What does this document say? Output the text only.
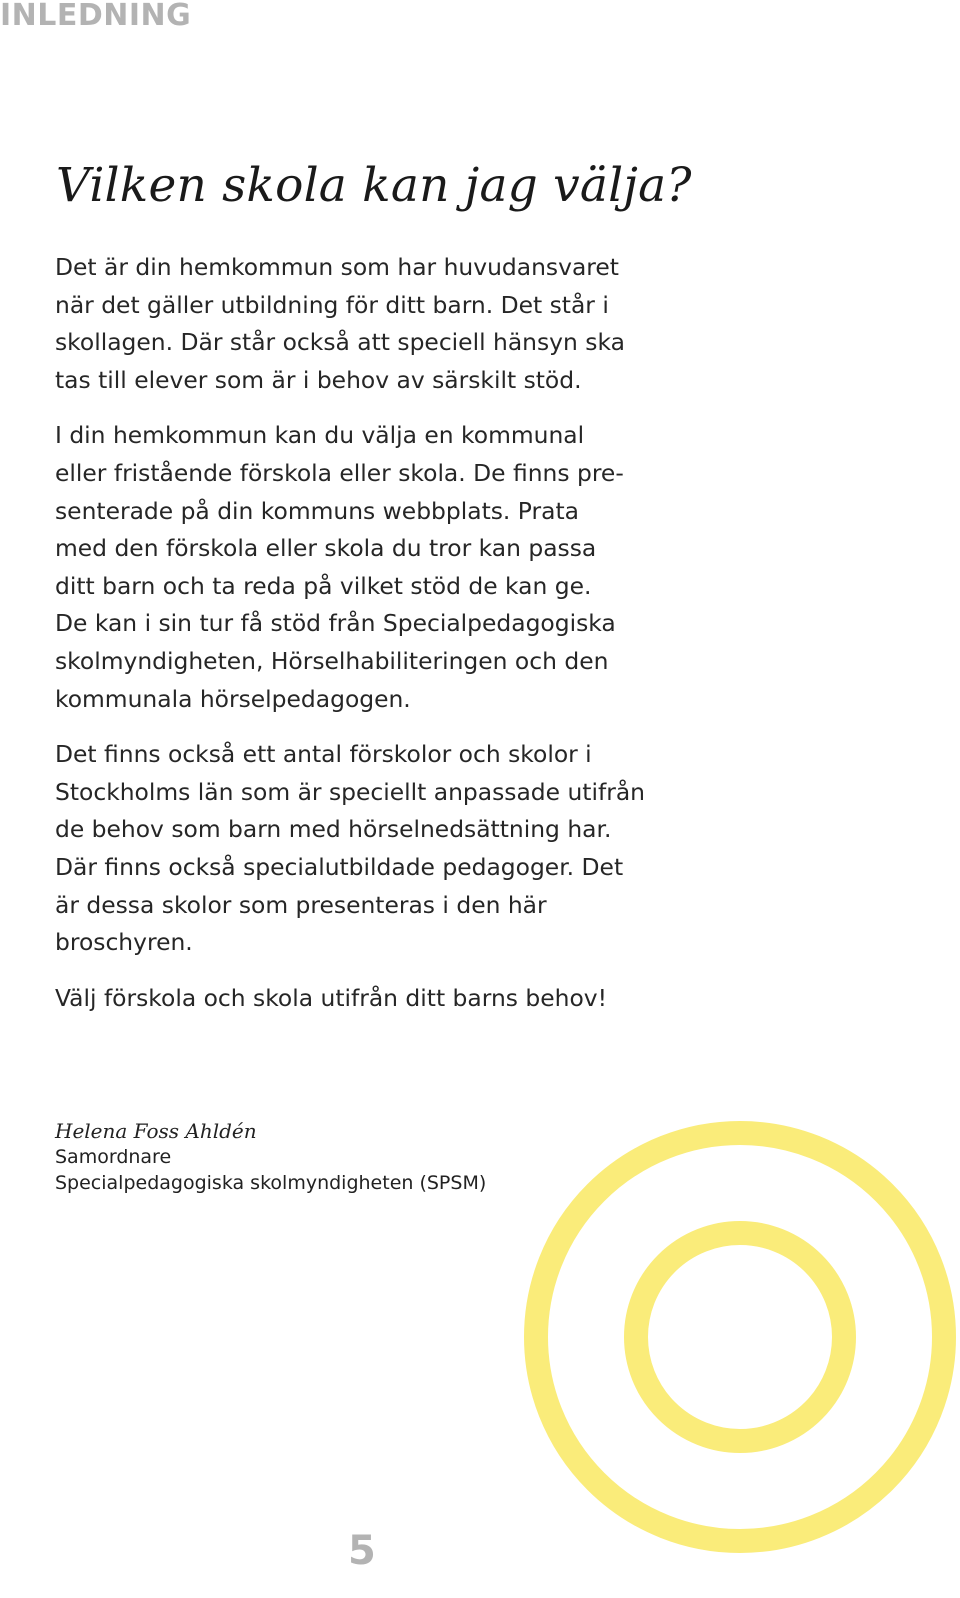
INLEDNING
Vilken skola kan jag välja?

Det är din hemkommun som har huvudansvaret
när det gäller utbildning för ditt barn. Det står i
skollagen. Där står också att speciell hänsyn ska
tas till elever som är i behov av särskilt stöd.

I din hemkommun kan du välja en kommunal
eller fristående förskola eller skola. De finns pre-
senterade på din kommuns webbplats. Prata
med den förskola eller skola du tror kan passa
ditt barn och ta reda på vilket stöd de kan ge.
De kan i sin tur få stöd från Specialpedagogiska
skolmyndigheten, Hörselhabiliteringen och den
kommunala hörselpedagogen.

Det finns också ett antal förskolor och skolor i
Stockholms län som är speciellt anpassade utifrån
de behov som barn med hörselnedsättning har.
Där finns också specialutbildade pedagoger. Det
är dessa skolor som presenteras i den här
broschyren.

Välj förskola och skola utifrån ditt barns behov!

Helena Foss Ahldén
Samordnare
Specialpedagogiska skolmyndigheten (SPSM)
5
